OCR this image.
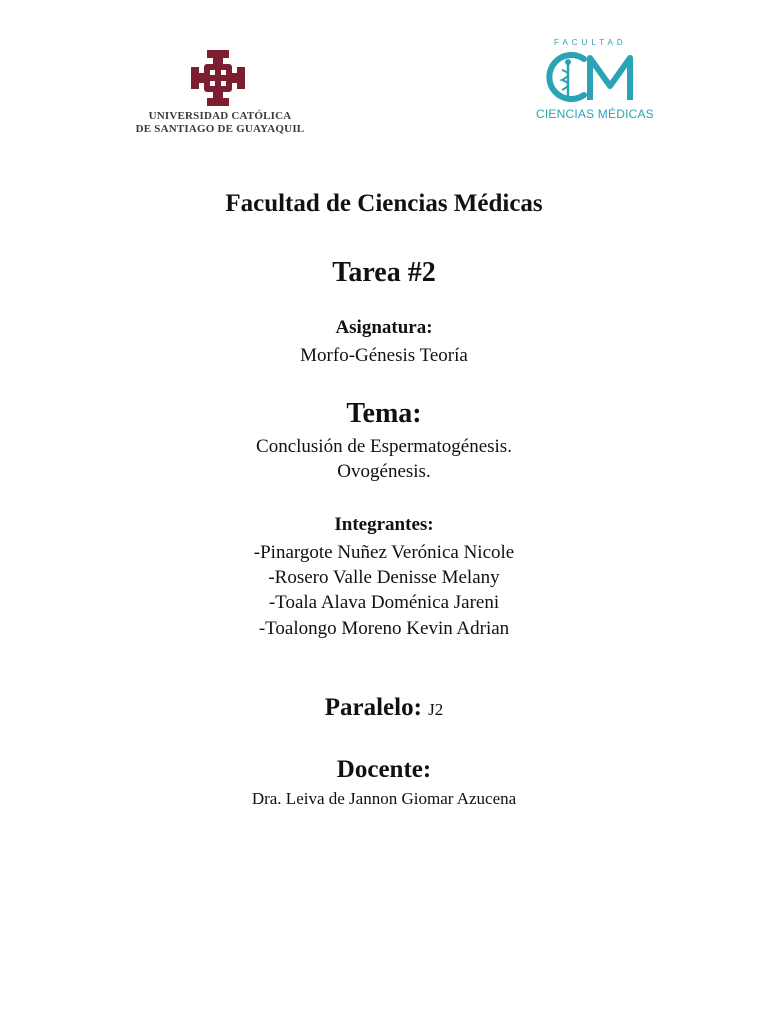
UNIVERSIDAD CATÓLICA
DE SANTIAGO DE GUAYAQUIL
FACULTAD
CIENCIAS MÉDICAS
Facultad de Ciencias Médicas
Tarea #2
Asignatura:
Morfo-Génesis Teoría
Tema:
Conclusión de Espermatogénesis.
Ovogénesis.
Integrantes:
-Pinargote Nuñez Verónica Nicole
-Rosero Valle Denisse Melany
-Toala Alava Doménica Jareni
-Toalongo Moreno Kevin Adrian
Paralelo: J2
Docente:
Dra. Leiva de Jannon Giomar Azucena
